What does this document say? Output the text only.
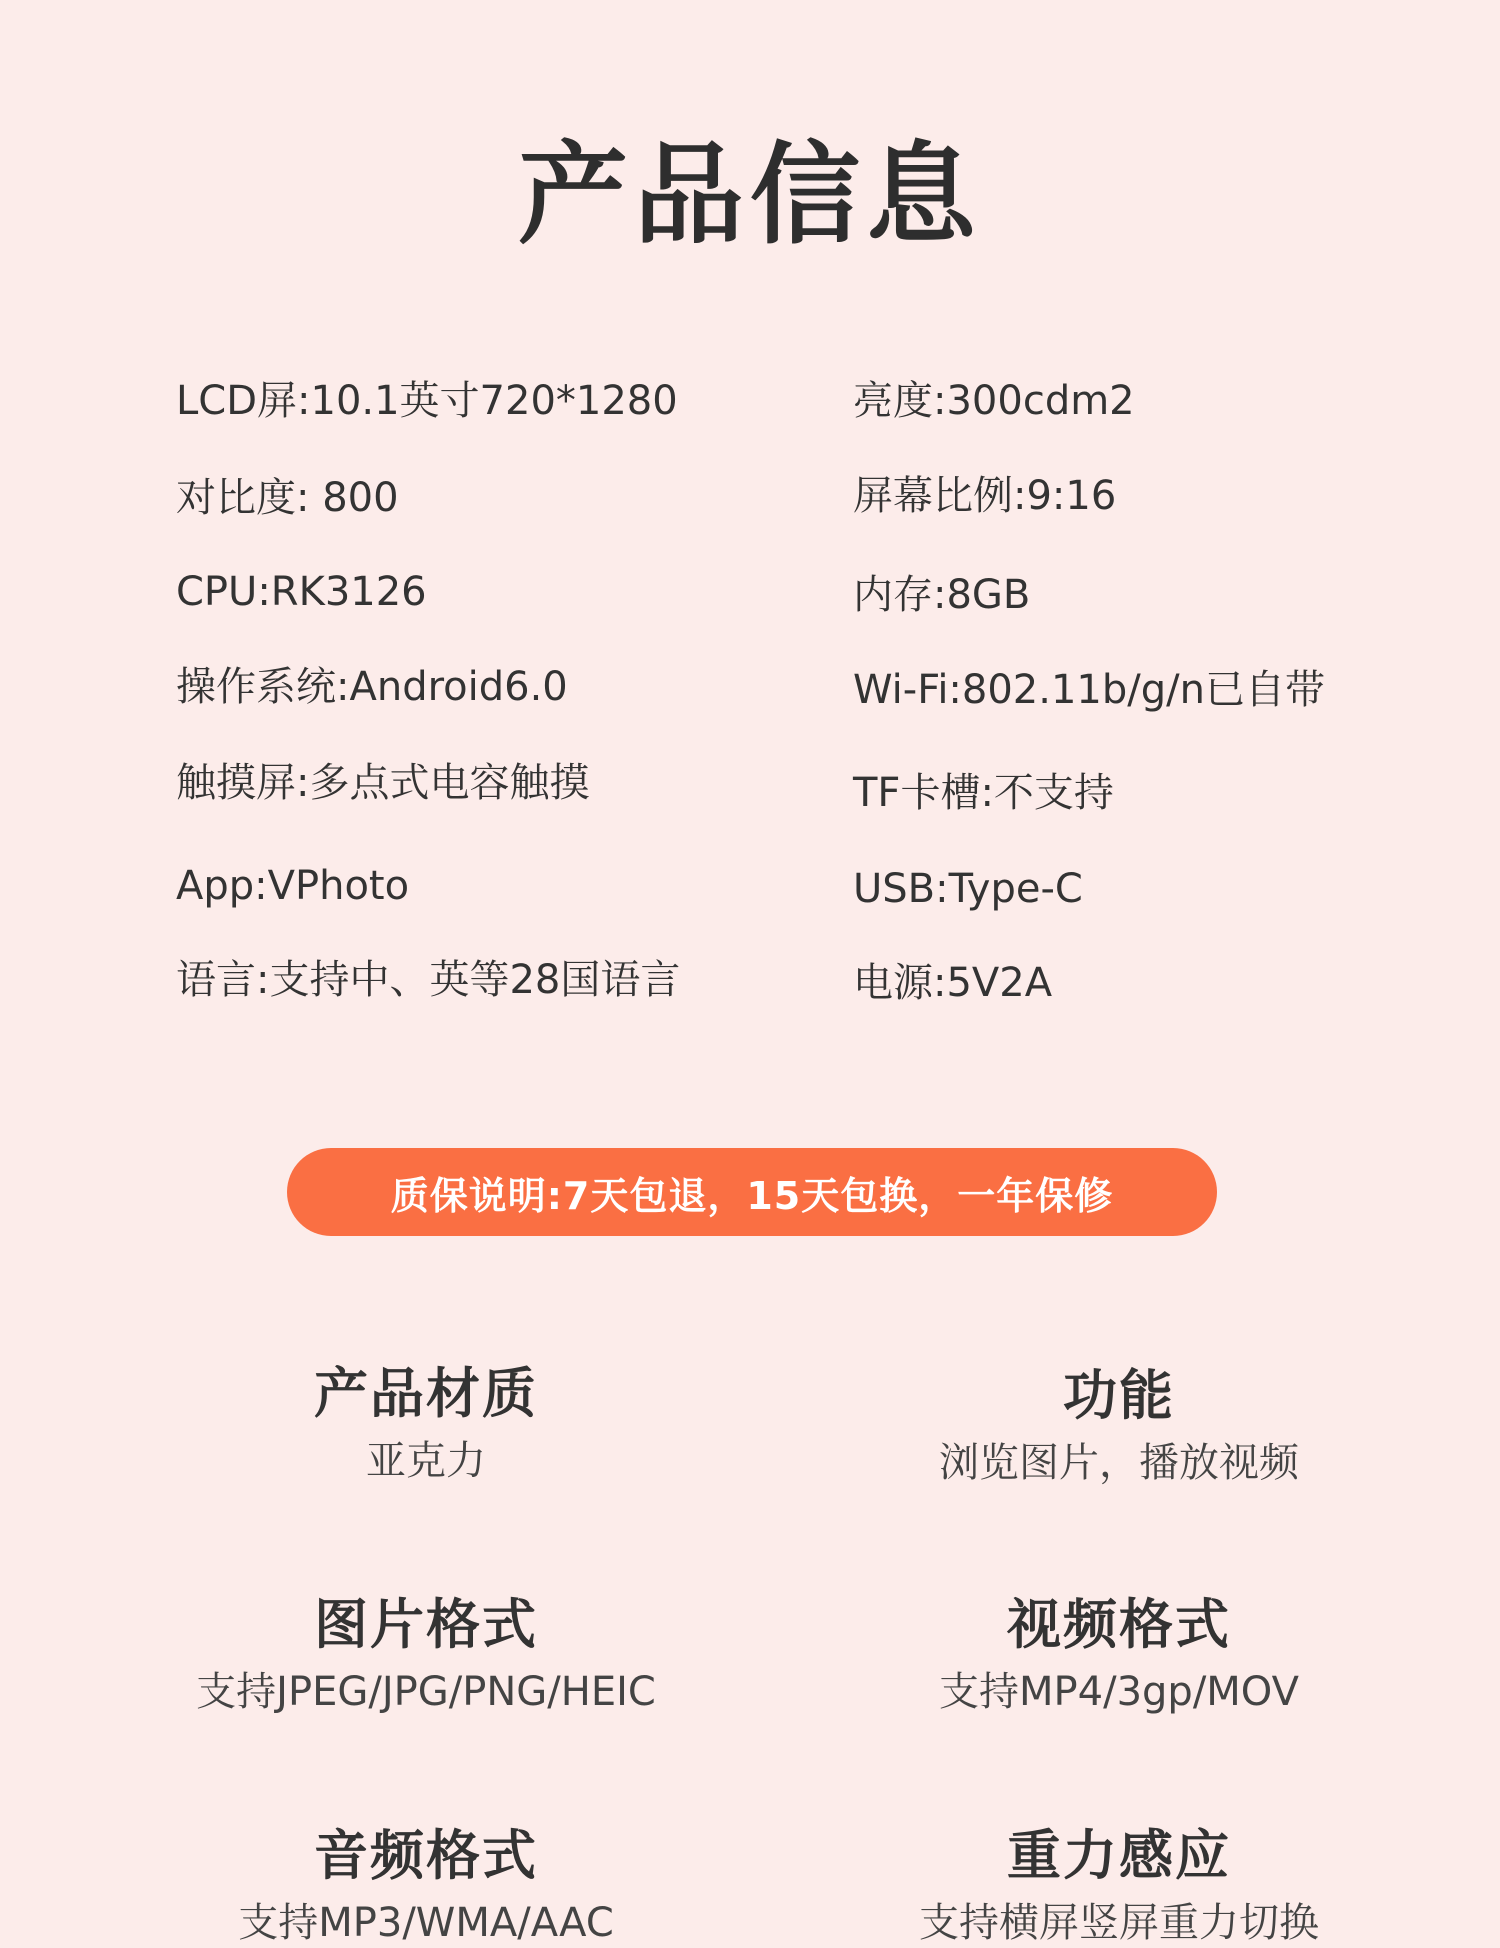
产品信息
LCD屏:10.1英寸720*1280
对比度: 800
CPU:RK3126
操作系统:Android6.0
触摸屏:多点式电容触摸
App:VPhoto
语言:支持中、英等28国语言
亮度:300cdm2
屏幕比例:9:16
内存:8GB
Wi-Fi:802.11b/g/n已自带
TF卡槽:不支持
USB:Type-C
电源:5V2A
质保说明:7天包退，15天包换，一年保修
产品材质
亚克力
功能
浏览图片，播放视频
图片格式
支持JPEG/JPG/PNG/HEIC
视频格式
支持MP4/3gp/MOV
音频格式
支持MP3/WMA/AAC
重力感应
支持横屏竖屏重力切换
